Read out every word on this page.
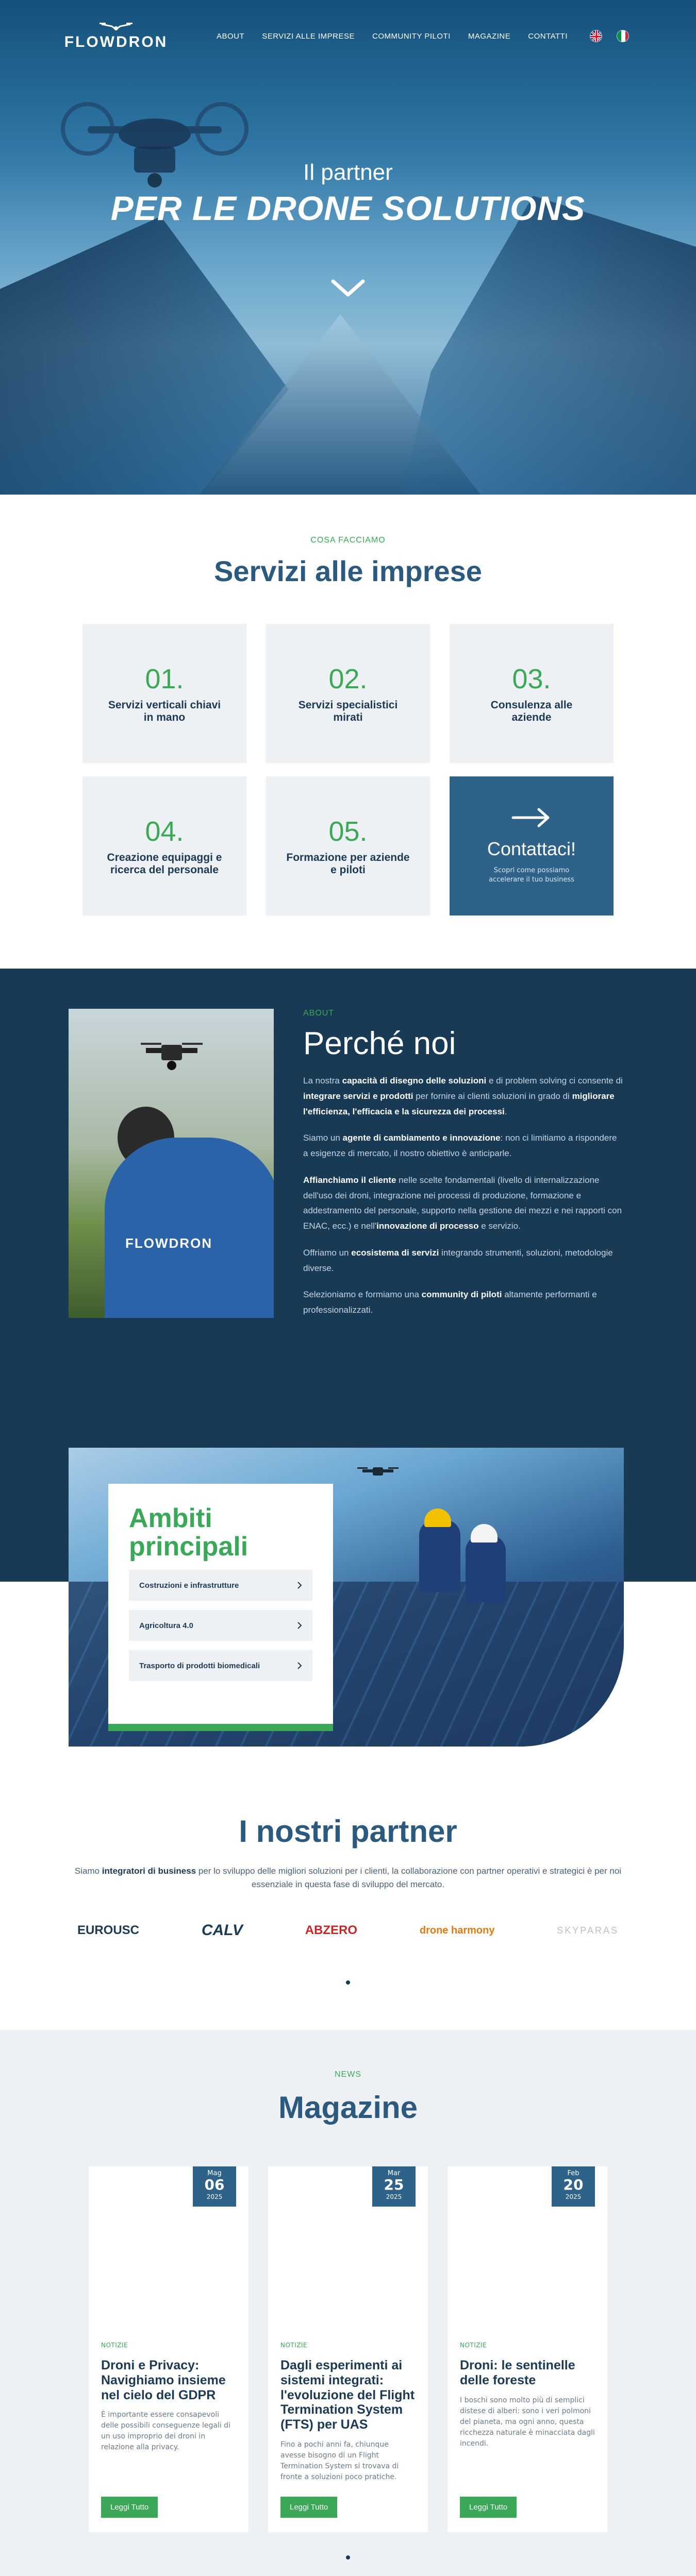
FLOWDRON	ABOUT SERVIZI ALLE IMPRESE COMMUNITY PILOTI MAGAZINE CONTATTI
Il partner
PER LE DRONE SOLUTIONS
COSA FACCIAMO
Servizi alle imprese
01.
Servizi verticali chiavi in mano
02.
Servizi specialistici mirati
03.
Consulenza alle aziende
04.
Creazione equipaggi e ricerca del personale
05.
Formazione per aziende e piloti
Contattaci!
Scopri come possiamo accelerare il tuo business
FLOWDRON
ABOUT
Perché noi

La nostra capacità di disegno delle soluzioni e di problem solving ci consente di integrare servizi e prodotti per fornire ai clienti soluzioni in grado di migliorare l'efficienza, l'efficacia e la sicurezza dei processi.

Siamo un agente di cambiamento e innovazione: non ci limitiamo a rispondere a esigenze di mercato, il nostro obiettivo è anticiparle.

Affianchiamo il cliente nelle scelte fondamentali (livello di internalizzazione dell'uso dei droni, integrazione nei processi di produzione, formazione e addestramento del personale, supporto nella gestione dei mezzi e nei rapporti con ENAC, ecc.) e nell'innovazione di processo e servizio.

Offriamo un ecosistema di servizi integrando strumenti, soluzioni, metodologie diverse.

Selezioniamo e formiamo una community di piloti altamente performanti e professionalizzati.

Ambiti principali
Costruzioni e infrastrutture
Agricoltura 4.0
Trasporto di prodotti biomedicali
I nostri partner

Siamo integratori di business per lo sviluppo delle migliori soluzioni per i clienti, la collaborazione con partner operativi e strategici è per noi essenziale in questa fase di sviluppo del mercato.

EUROUSC	CALV	ABZERO	drone harmony	SKYPARAS
NEWS
Magazine
Mag
06
2025
NOTIZIE
Droni e Privacy: Navighiamo insieme nel cielo del GDPR
È importante essere consapevoli delle possibili conseguenze legali di un uso improprio dei droni in relazione alla privacy.
Leggi Tutto
Mar
25
2025
NOTIZIE
Dagli esperimenti ai sistemi integrati: l'evoluzione del Flight Termination System (FTS) per UAS
Fino a pochi anni fa, chiunque avesse bisogno di un Flight Termination System si trovava di fronte a soluzioni poco pratiche.
Leggi Tutto
Feb
20
2025
NOTIZIE
Droni: le sentinelle delle foreste
I boschi sono molto più di semplici distese di alberi: sono i veri polmoni del pianeta, ma ogni anno, questa ricchezza naturale è minacciata dagli incendi.
Leggi Tutto
